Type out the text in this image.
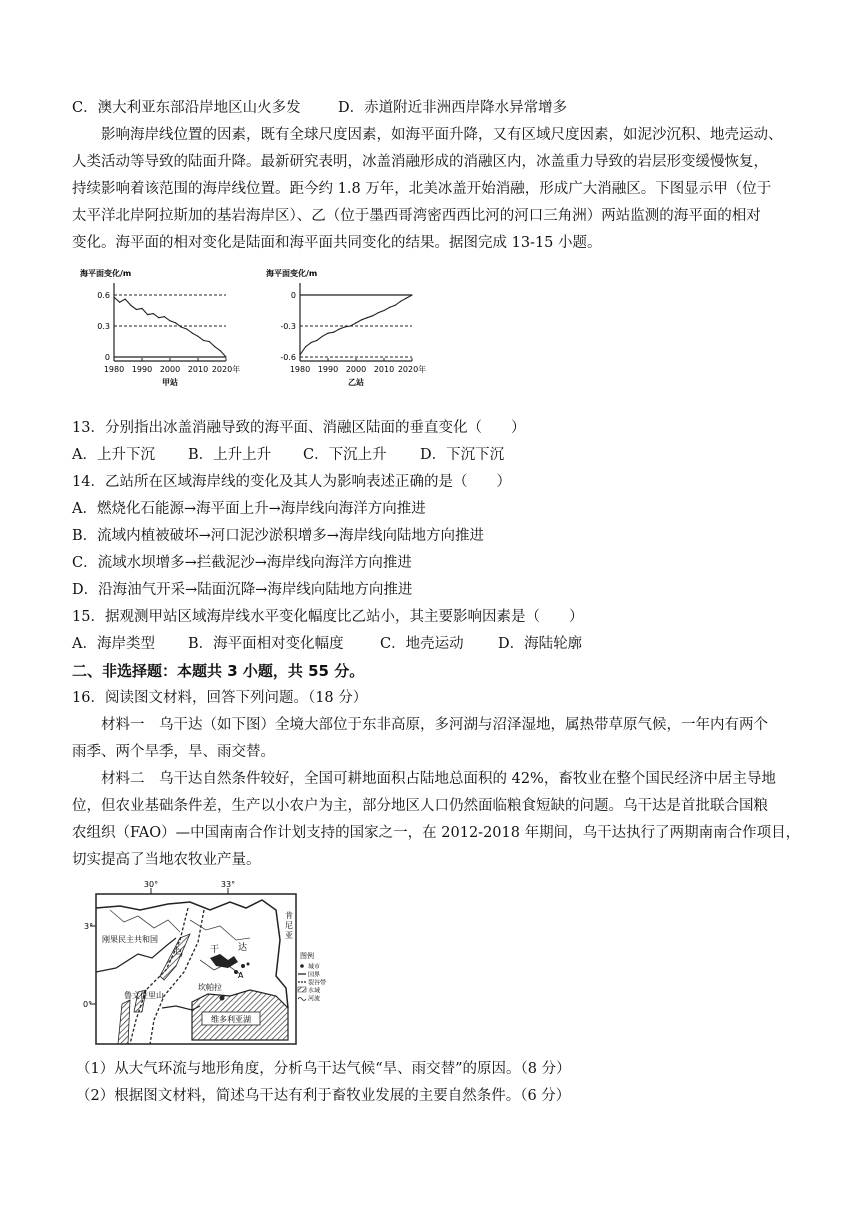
C．澳大利亚东部沿岸地区山火多发	D．赤道附近非洲西岸降水异常增多
影响海岸线位置的因素，既有全球尺度因素，如海平面升降，又有区域尺度因素，如泥沙沉积、地壳运动、
人类活动等导致的陆面升降。最新研究表明，冰盖消融形成的消融区内，冰盖重力导致的岩层形变缓慢恢复，
持续影响着该范围的海岸线位置。距今约 1.8 万年，北美冰盖开始消融，形成广大消融区。下图显示甲（位于
太平洋北岸阿拉斯加的基岩海岸区）、乙（位于墨西哥湾密西西比河的河口三角洲）两站监测的海平面的相对
变化。海平面的相对变化是陆面和海平面共同变化的结果。据图完成 13-15 小题。
海平面变化/m
0.6
0.3
0
1980 1990 2000 2010 2020年
甲站
海平面变化/m
0
-0.3
-0.6
1980 1990 2000 2010 2020年
乙站
13．分别指出冰盖消融导致的海平面、消融区陆面的垂直变化（　　）
A．上升下沉 B．上升上升 C．下沉上升 D．下沉下沉
14．乙站所在区域海岸线的变化及其人为影响表述正确的是（　　）
A．燃烧化石能源→海平面上升→海岸线向海洋方向推进
B．流域内植被破坏→河口泥沙淤积增多→海岸线向陆地方向推进
C．流域水坝增多→拦截泥沙→海岸线向海洋方向推进
D．沿海油气开采→陆面沉降→海岸线向陆地方向推进
15．据观测甲站区域海岸线水平变化幅度比乙站小，其主要影响因素是（　　）
A．海岸类型 B．海平面相对变化幅度	C．地壳运动 D．海陆轮廓
二、非选择题：本题共 3 小题，共 55 分。
16．阅读图文材料，回答下列问题。（18 分）
材料一　乌干达（如下图）全境大部位于东非高原，多河湖与沼泽湿地，属热带草原气候，一年内有两个
雨季、两个旱季，旱、雨交替。
材料二　乌干达自然条件较好，全国可耕地面积占陆地总面积的 42%，畜牧业在整个国民经济中居主导地
位，但农业基础条件差，生产以小农户为主，部分地区人口仍然面临粮食短缺的问题。乌干达是首批联合国粮
农组织（FAO）—中国南南合作计划支持的国家之一，在 2012-2018 年期间，乌干达执行了两期南南合作项目，
切实提高了当地农牧业产量。
30°	33°
3°
0°
维多利亚湖
刚果民主共和国
肯
尼
亚
乌	干 达
鲁文佐里山
坎帕拉
A
图例
城市
国界
裂谷带
水域
河流
（1）从大气环流与地形角度，分析乌干达气候“旱、雨交替”的原因。（8 分）
（2）根据图文材料，简述乌干达有利于畜牧业发展的主要自然条件。（6 分）
